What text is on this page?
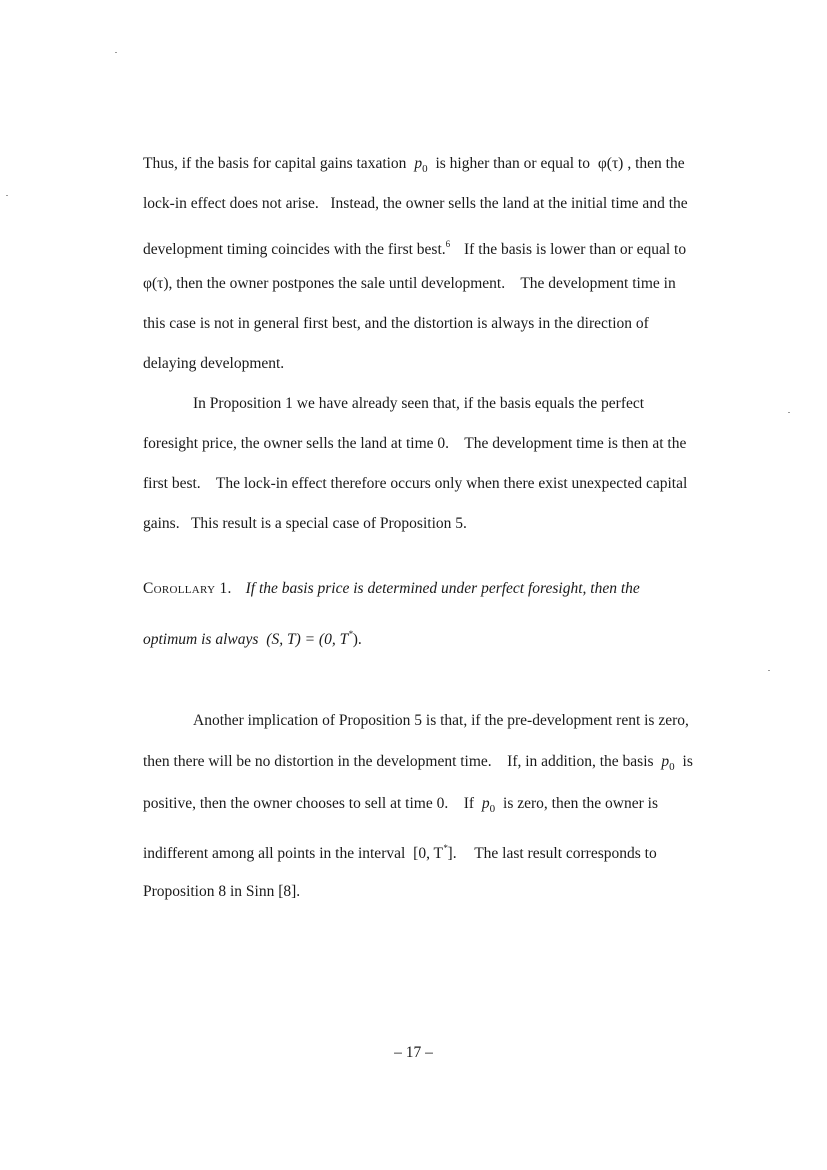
Thus, if the basis for capital gains taxation $p_0$ is higher than or equal to φ(τ) , then the
lock-in effect does not arise.   Instead, the owner sells the land at the initial time and the
development timing coincides with the first best.$^6$ If the basis is lower than or equal to
φ(τ), then the owner postpones the sale until development.    The development time in
this case is not in general first best, and the distortion is always in the direction of
delaying development.
In Proposition 1 we have already seen that, if the basis equals the perfect
foresight price, the owner sells the land at time 0.    The development time is then at the
first best.    The lock-in effect therefore occurs only when there exist unexpected capital
gains.   This result is a special case of Proposition 5.
Corollary 1. If the basis price is determined under perfect foresight, then the
optimum is always (S, T) = (0, T*).
Another implication of Proposition 5 is that, if the pre-development rent is zero,
then there will be no distortion in the development time.    If, in addition, the basis $p_0$ is
positive, then the owner chooses to sell at time 0.    If $p_0$ is zero, then the owner is
indifferent among all points in the interval [0, T*]. The last result corresponds to
Proposition 8 in Sinn [8].
– 17 –
